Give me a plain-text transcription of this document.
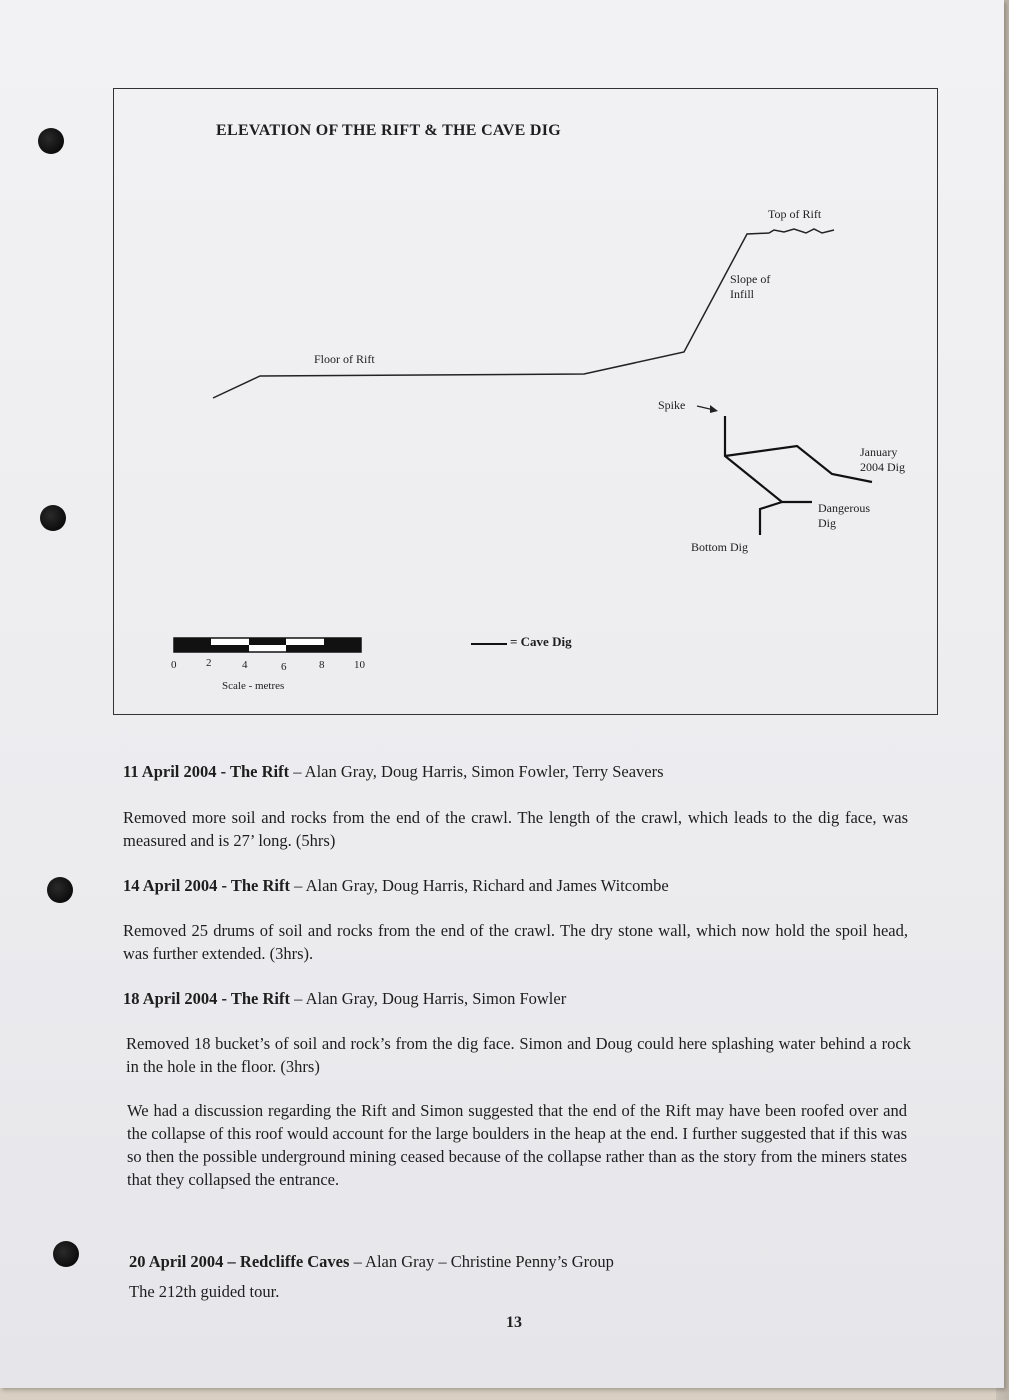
ELEVATION OF THE RIFT & THE CAVE DIG
Top of Rift
Slope of
Infill
Floor of Rift
Spike
January
2004 Dig
Dangerous
Dig
Bottom Dig
= Cave Dig
0	2	4	6	8	10
Scale - metres
11 April 2004 - The Rift – Alan Gray, Doug Harris, Simon Fowler, Terry Seavers
Removed more soil and rocks from the end of the crawl. The length of the crawl, which leads to the dig face, was measured and is 27’ long. (5hrs)
14 April 2004 - The Rift – Alan Gray, Doug Harris, Richard and James Witcombe
Removed 25 drums of soil and rocks from the end of the crawl. The dry stone wall, which now hold the spoil head, was further extended. (3hrs).
18 April 2004 - The Rift – Alan Gray, Doug Harris, Simon Fowler
Removed 18 bucket’s of soil and rock’s from the dig face. Simon and Doug could here splashing water behind a rock in the hole in the floor. (3hrs)
We had a discussion regarding the Rift and Simon suggested that the end of the Rift may have been roofed over and the collapse of this roof would account for the large boulders in the heap at the end. I further suggested that if this was so then the possible underground mining ceased because of the collapse rather than as the story from the miners states that they collapsed the entrance.
20 April 2004 – Redcliffe Caves – Alan Gray – Christine Penny’s Group
The 212th guided tour.
13
